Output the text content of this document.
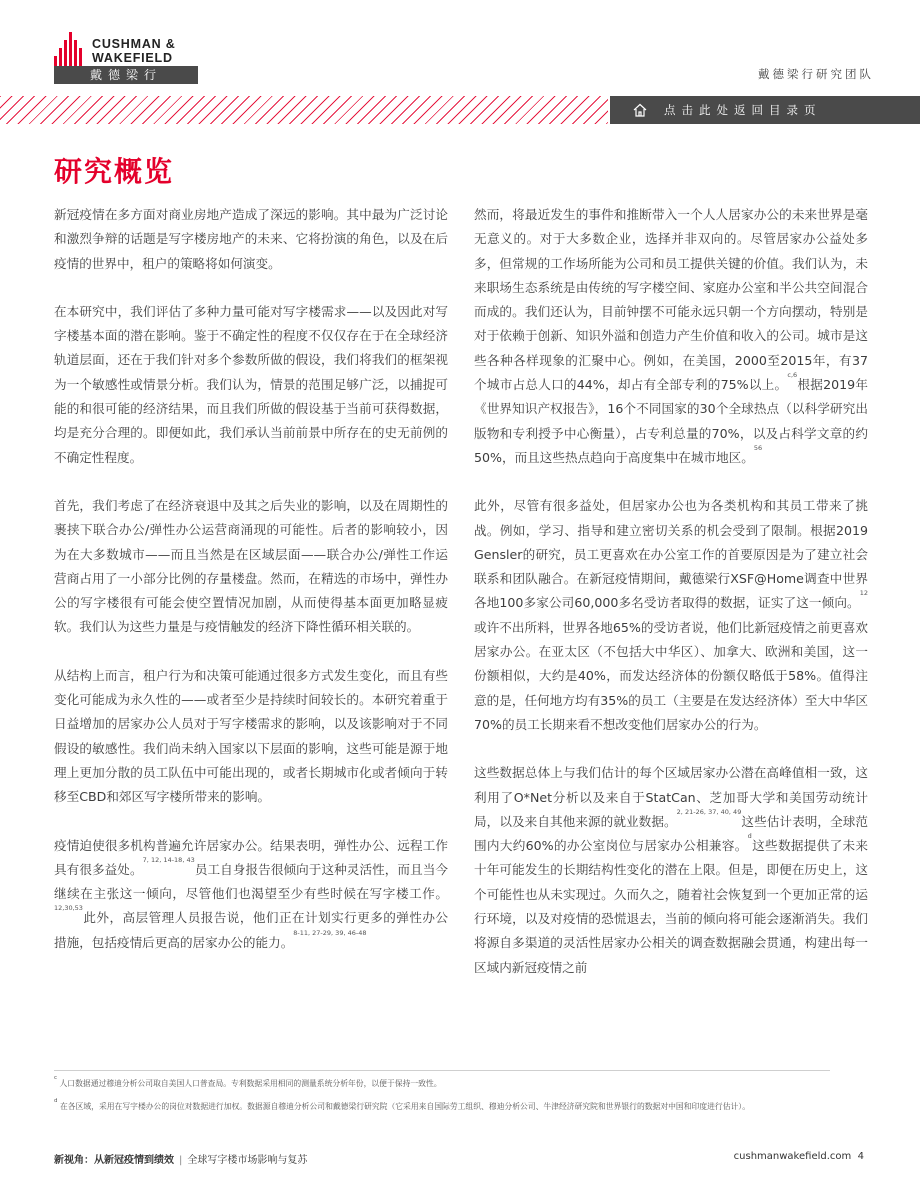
CUSHMAN &
WAKEFIELD
戴德梁行	戴德梁行研究团队
点击此处返回目录页
研究概览

新冠疫情在多方面对商业房地产造成了深远的影响。其中最为广泛讨论和激烈争辩的话题是写字楼房地产的未来、它将扮演的角色，以及在后疫情的世界中，租户的策略将如何演变。

在本研究中，我们评估了多种力量可能对写字楼需求——以及因此对写字楼基本面的潜在影响。鉴于不确定性的程度不仅仅存在于在全球经济轨道层面，还在于我们针对多个参数所做的假设，我们将我们的框架视为一个敏感性或情景分析。我们认为，情景的范围足够广泛，以捕捉可能的和很可能的经济结果，而且我们所做的假设基于当前可获得数据，均是充分合理的。即便如此，我们承认当前前景中所存在的史无前例的不确定性程度。

首先，我们考虑了在经济衰退中及其之后失业的影响，以及在周期性的裹挟下联合办公/弹性办公运营商涌现的可能性。后者的影响较小，因为在大多数城市——而且当然是在区域层面——联合办公/弹性工作运营商占用了一小部分比例的存量楼盘。然而，在精选的市场中，弹性办公的写字楼很有可能会使空置情况加剧，从而使得基本面更加略显疲软。我们认为这些力量是与疫情触发的经济下降性循环相关联的。

从结构上而言，租户行为和决策可能通过很多方式发生变化，而且有些变化可能成为永久性的——或者至少是持续时间较长的。本研究着重于日益增加的居家办公人员对于写字楼需求的影响，以及该影响对于不同假设的敏感性。我们尚未纳入国家以下层面的影响，这些可能是源于地理上更加分散的员工队伍中可能出现的，或者长期城市化或者倾向于转移至CBD和郊区写字楼所带来的影响。

疫情迫使很多机构普遍允许居家办公。结果表明，弹性办公、远程工作具有很多益处。$^{7, 12, 14-18, 43}$员工自身报告很倾向于这种灵活性，而且当今继续在主张这一倾向，尽管他们也渴望至少有些时候在写字楼工作。$^{12,30,53}$此外，高层管理人员报告说，他们正在计划实行更多的弹性办公措施，包括疫情后更高的居家办公的能力。$^{8-11, 27-29, 39, 46-48}$

然而，将最近发生的事件和推断带入一个人人居家办公的未来世界是毫无意义的。对于大多数企业，选择并非双向的。尽管居家办公益处多多，但常规的工作场所能为公司和员工提供关键的价值。我们认为，未来职场生态系统是由传统的写字楼空间、家庭办公室和半公共空间混合而成的。我们还认为，目前钟摆不可能永远只朝一个方向摆动，特别是对于依赖于创新、知识外溢和创造力产生价值和收入的公司。城市是这些各种各样现象的汇聚中心。例如，在美国，2000至2015年，有37个城市占总人口的44%，却占有全部专利的75%以上。$^{c,6}$根据2019年《世界知识产权报告》，16个不同国家的30个全球热点（以科学研究出版物和专利授予中心衡量），占专利总量的70%，以及占科学文章的约50%，而且这些热点趋向于高度集中在城市地区。$^{56}$

此外，尽管有很多益处，但居家办公也为各类机构和其员工带来了挑战。例如，学习、指导和建立密切关系的机会受到了限制。根据2019 Gensler的研究，员工更喜欢在办公室工作的首要原因是为了建立社会联系和团队融合。在新冠疫情期间，戴德梁行XSF@Home调查中世界各地100多家公司60,000多名受访者取得的数据，证实了这一倾向。$^{12}$或许不出所料，世界各地65%的受访者说，他们比新冠疫情之前更喜欢居家办公。在亚太区（不包括大中华区）、加拿大、欧洲和美国，这一份额相似，大约是40%，而发达经济体的份额仅略低于58%。值得注意的是，任何地方均有35%的员工（主要是在发达经济体）至大中华区70%的员工长期来看不想改变他们居家办公的行为。

这些数据总体上与我们估计的每个区域居家办公潜在高峰值相一致，这利用了O*Net分析以及来自于StatCan、芝加哥大学和美国劳动统计局，以及来自其他来源的就业数据。$^{2, 21-26, 37, 40, 49}$这些估计表明，全球范围内大约60%的办公室岗位与居家办公相兼容。$^d$这些数据提供了未来十年可能发生的长期结构性变化的潜在上限。但是，即便在历史上，这个可能性也从未实现过。久而久之，随着社会恢复到一个更加正常的运行环境，以及对疫情的恐慌退去，当前的倾向将可能会逐渐消失。我们将源自多渠道的灵活性居家办公相关的调查数据融会贯通，构建出每一区域内新冠疫情之前

$^c$ 人口数据通过穆迪分析公司取自美国人口普查局。专利数据采用相同的测量系统分析年份，以便于保持一致性。
$^d$ 在各区域，采用在写字楼办公的岗位对数据进行加权。数据源自穆迪分析公司和戴德梁行研究院（它采用来自国际劳工组织、穆迪分析公司、牛津经济研究院和世界银行的数据对中国和印度进行估计）。
新视角：从新冠疫情到绩效 | 全球写字楼市场影响与复苏	cushmanwakefield.com 4
